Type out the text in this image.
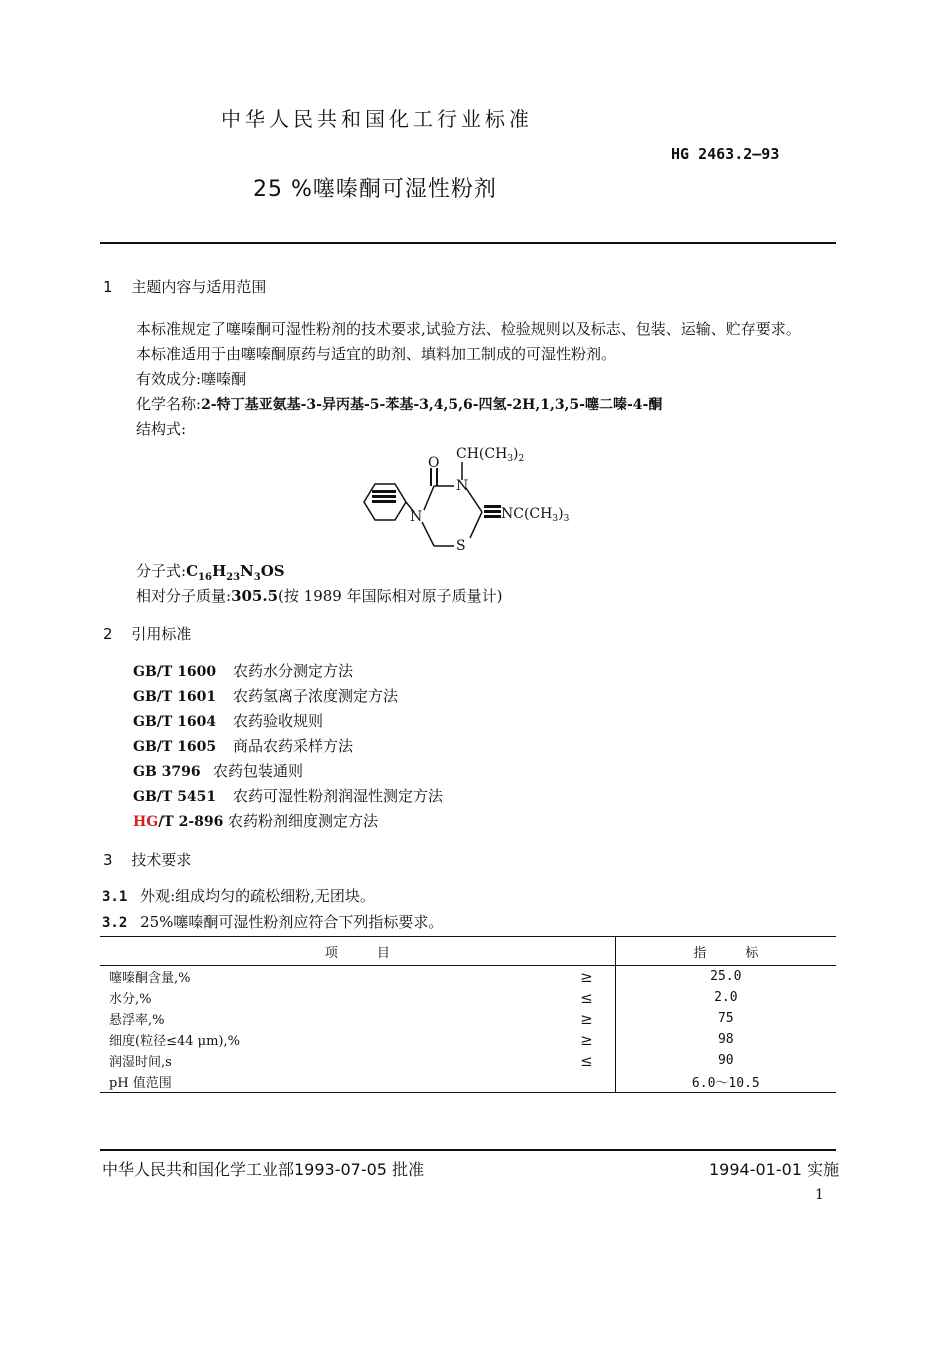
中华人民共和国化工行业标准
HG 2463.2—93
25 %噻嗪酮可湿性粉剂
1 主题内容与适用范围
本标准规定了噻嗪酮可湿性粉剂的技术要求,试验方法、检验规则以及标志、包装、运输、贮存要求。
本标准适用于由噻嗪酮原药与适宜的助剂、填料加工制成的可湿性粉剂。
有效成分:噻嗪酮
化学名称:2-特丁基亚氨基-3-异丙基-5-苯基-3,4,5,6-四氢-2H,1,3,5-噻二嗪-4-酮
结构式:
O
N
N
S
$CH(CH_3)_2$
$NC(CH_3)_3$
分子式$:C_{16}H_{23}N_3OS$
相对分子质量:305.5(按 1989 年国际相对原子质量计)
2 引用标准
GB/T 1600 农药水分测定方法
GB/T 1601 农药氢离子浓度测定方法
GB/T 1604 农药验收规则
GB/T 1605 商品农药采样方法
GB 3796 农药包装通则
GB/T 5451 农药可湿性粉剂润湿性测定方法
HG/T 2-896 农药粉剂细度测定方法
3 技术要求
3.1 外观:组成均匀的疏松细粉,无团块。
3.2 25%噻嗪酮可湿性粉剂应符合下列指标要求。
项　　　目		指　　　标
噻嗪酮含量,%	≥	25.0
水分,%	≤	2.0
悬浮率,%	≥	75
细度(粒径≤44 μm),%	≥	98
润湿时间,s	≤	90
pH 值范围		6.0～10.5
中华人民共和国化学工业部1993-07-05 批准	1994-01-01 实施
1
